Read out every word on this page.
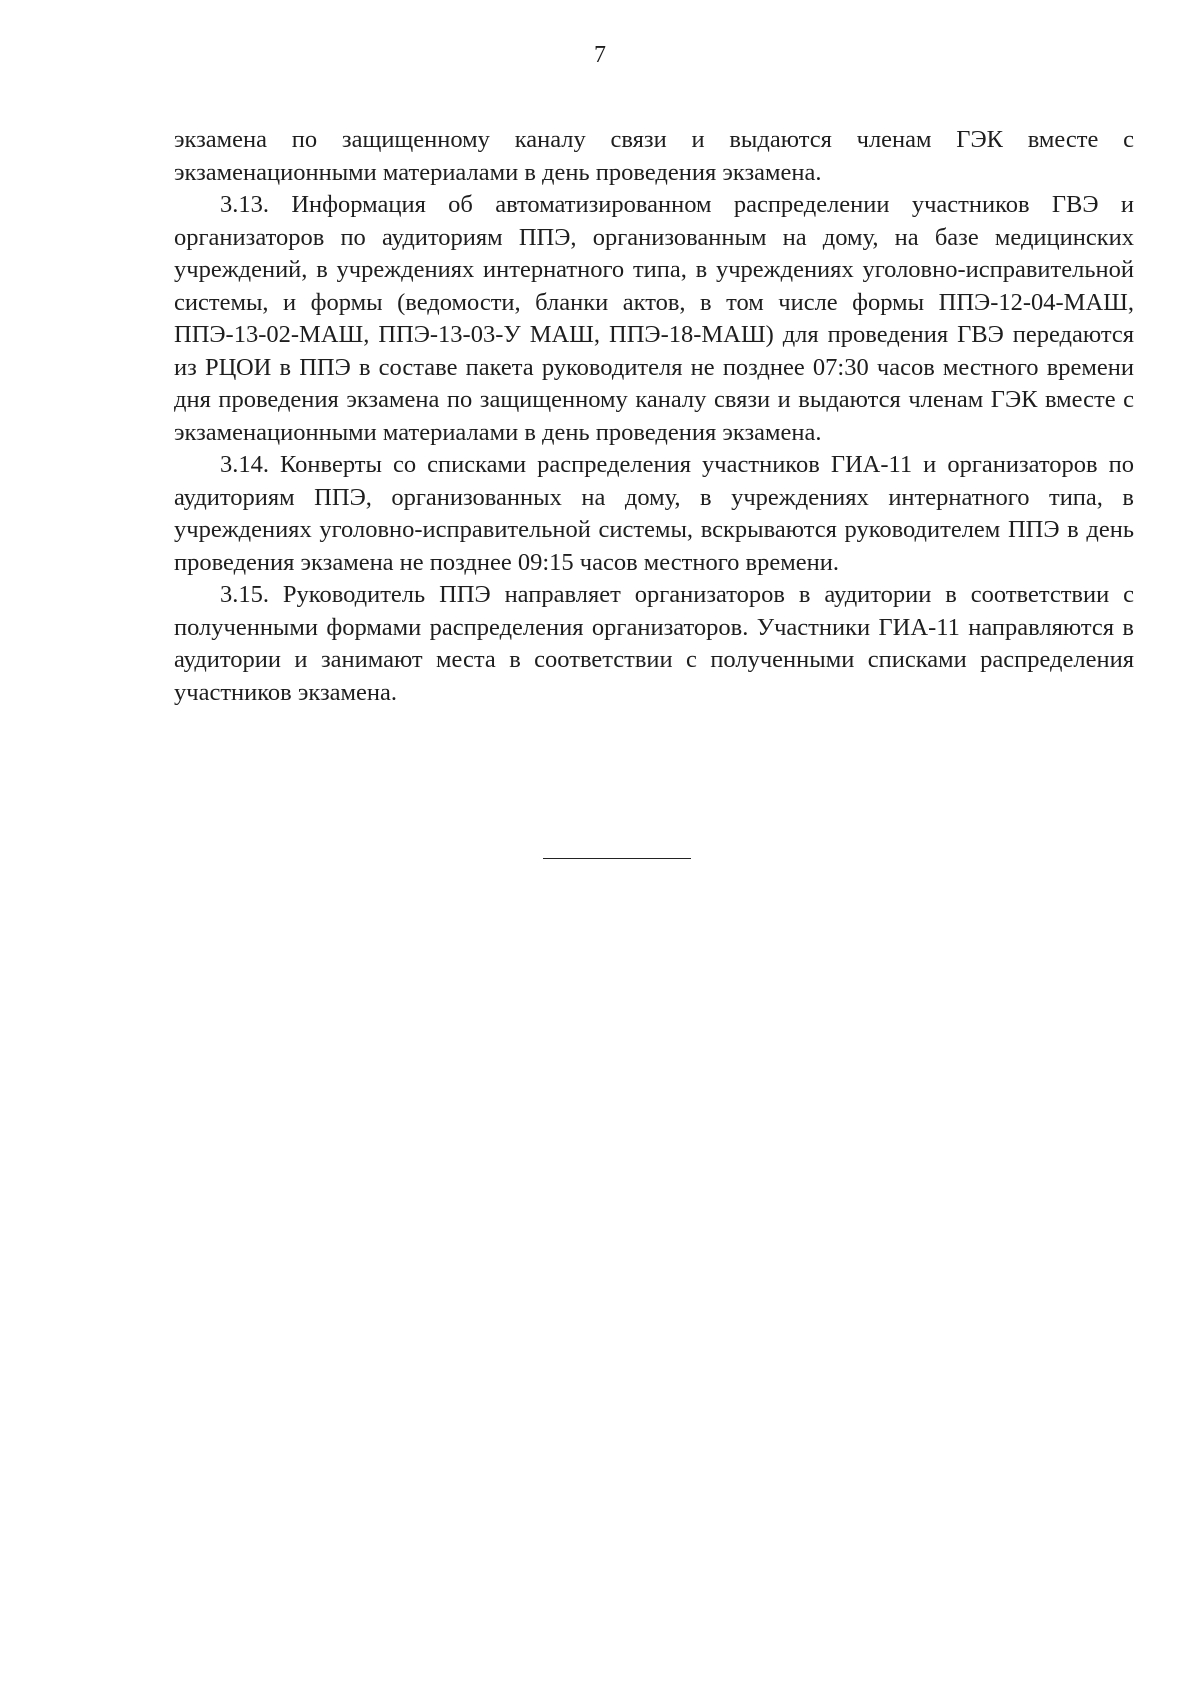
7

экзамена по защищенному каналу связи и выдаются членам ГЭК вместе с экзаменационными материалами в день проведения экзамена.

3.13. Информация об автоматизированном распределении участников ГВЭ и организаторов по аудиториям ППЭ, организованным на дому, на базе медицинских учреждений, в учреждениях интернатного типа, в учреждениях уголовно-исправительной системы, и формы (ведомости, бланки актов, в том числе формы ППЭ-12-04-МАШ, ППЭ-13-02-МАШ, ППЭ-13-03-У МАШ, ППЭ-18-МАШ) для проведения ГВЭ передаются из РЦОИ в ППЭ в составе пакета руководителя не позднее 07:30 часов местного времени дня проведения экзамена по защищенному каналу связи и выдаются членам ГЭК вместе с экзаменационными материалами в день проведения экзамена.

3.14. Конверты со списками распределения участников ГИА-11 и организаторов по аудиториям ППЭ, организованных на дому, в учреждениях интернатного типа, в учреждениях уголовно-исправительной системы, вскрываются руководителем ППЭ в день проведения экзамена не позднее 09:15 часов местного времени.

3.15. Руководитель ППЭ направляет организаторов в аудитории в соответствии с полученными формами распределения организаторов. Участники ГИА-11 направляются в аудитории и занимают места в соответствии с полученными списками распределения участников экзамена.
